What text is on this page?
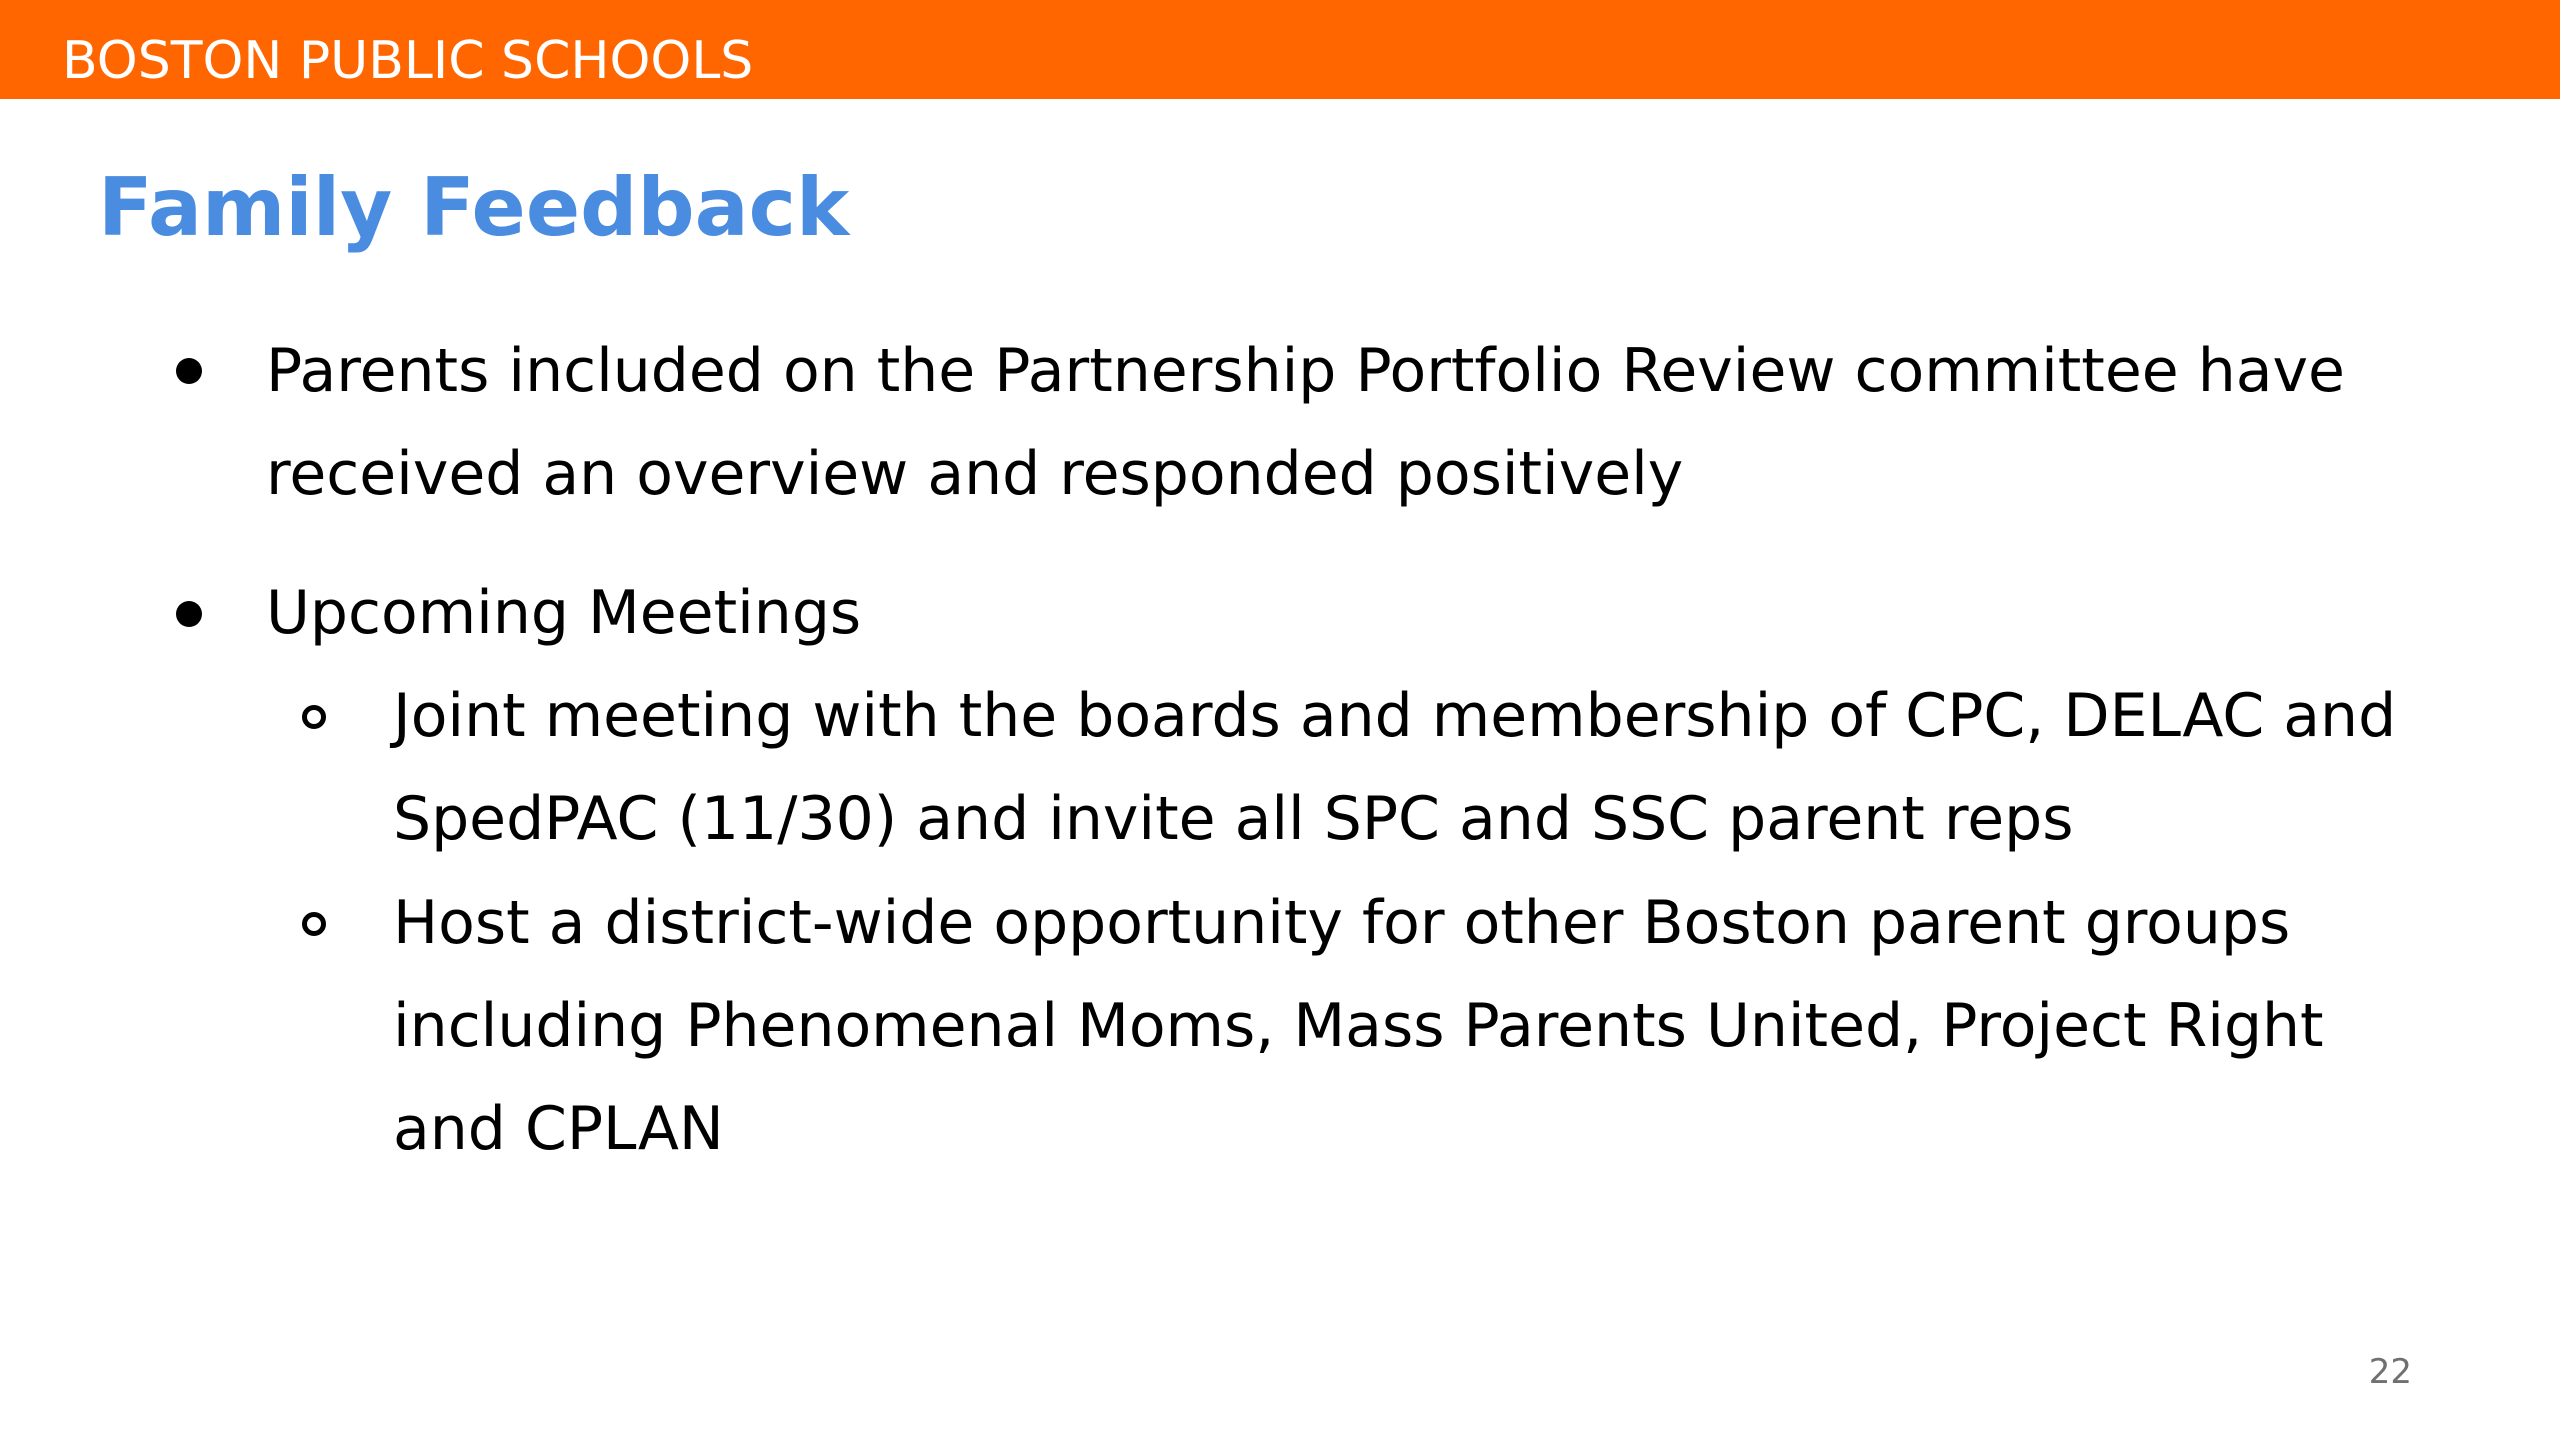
BOSTON PUBLIC SCHOOLS
Family Feedback
Parents included on the Partnership Portfolio Review committee have received an overview and responded positively
Upcoming Meetings
Joint meeting with the boards and membership of CPC, DELAC and SpedPAC (11/30) and invite all SPC and SSC parent reps
Host a district-wide opportunity for other Boston parent groups including Phenomenal Moms, Mass Parents United, Project Right and CPLAN
22
